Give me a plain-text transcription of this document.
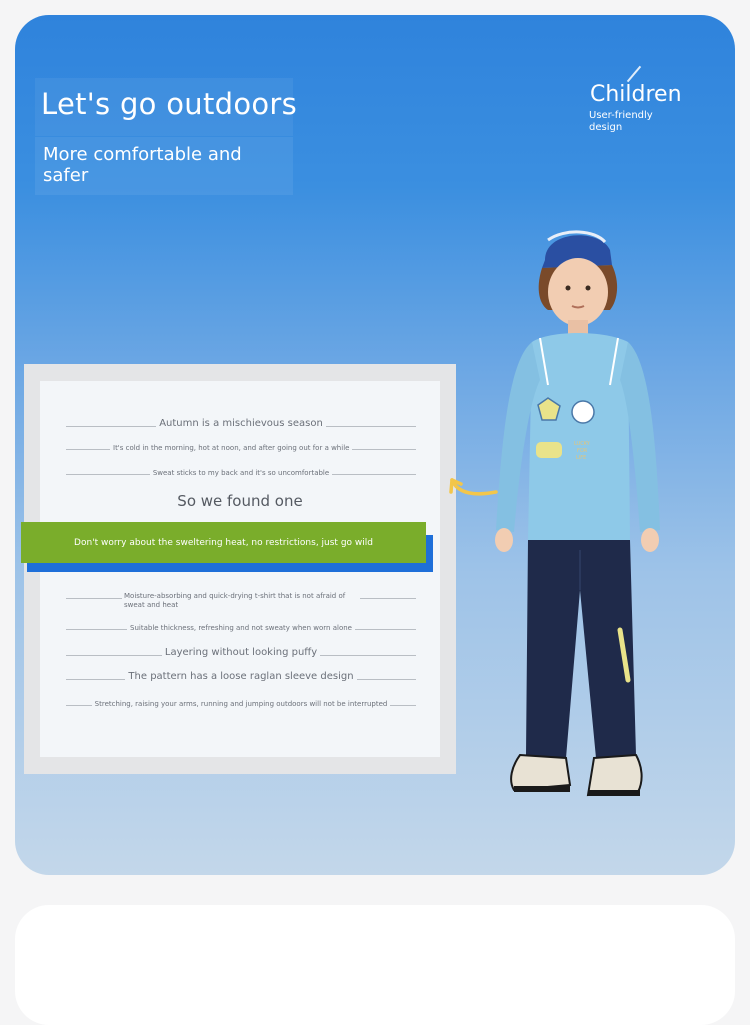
Let's go outdoors
More comfortable and safer
Children
User-friendly design
Autumn is a mischievous season
It's cold in the morning, hot at noon, and after going out for a while
Sweat sticks to my back and it's so uncomfortable
So we found one
Don't worry about the sweltering heat, no restrictions, just go wild
Moisture-absorbing and quick-drying t-shirt that is not afraid of sweat and heat
Suitable thickness, refreshing and not sweaty when worn alone
Layering without looking puffy
The pattern has a loose raglan sleeve design
Stretching, raising your arms, running and jumping outdoors will not be interrupted
LUCKY
FOR
LIFE
